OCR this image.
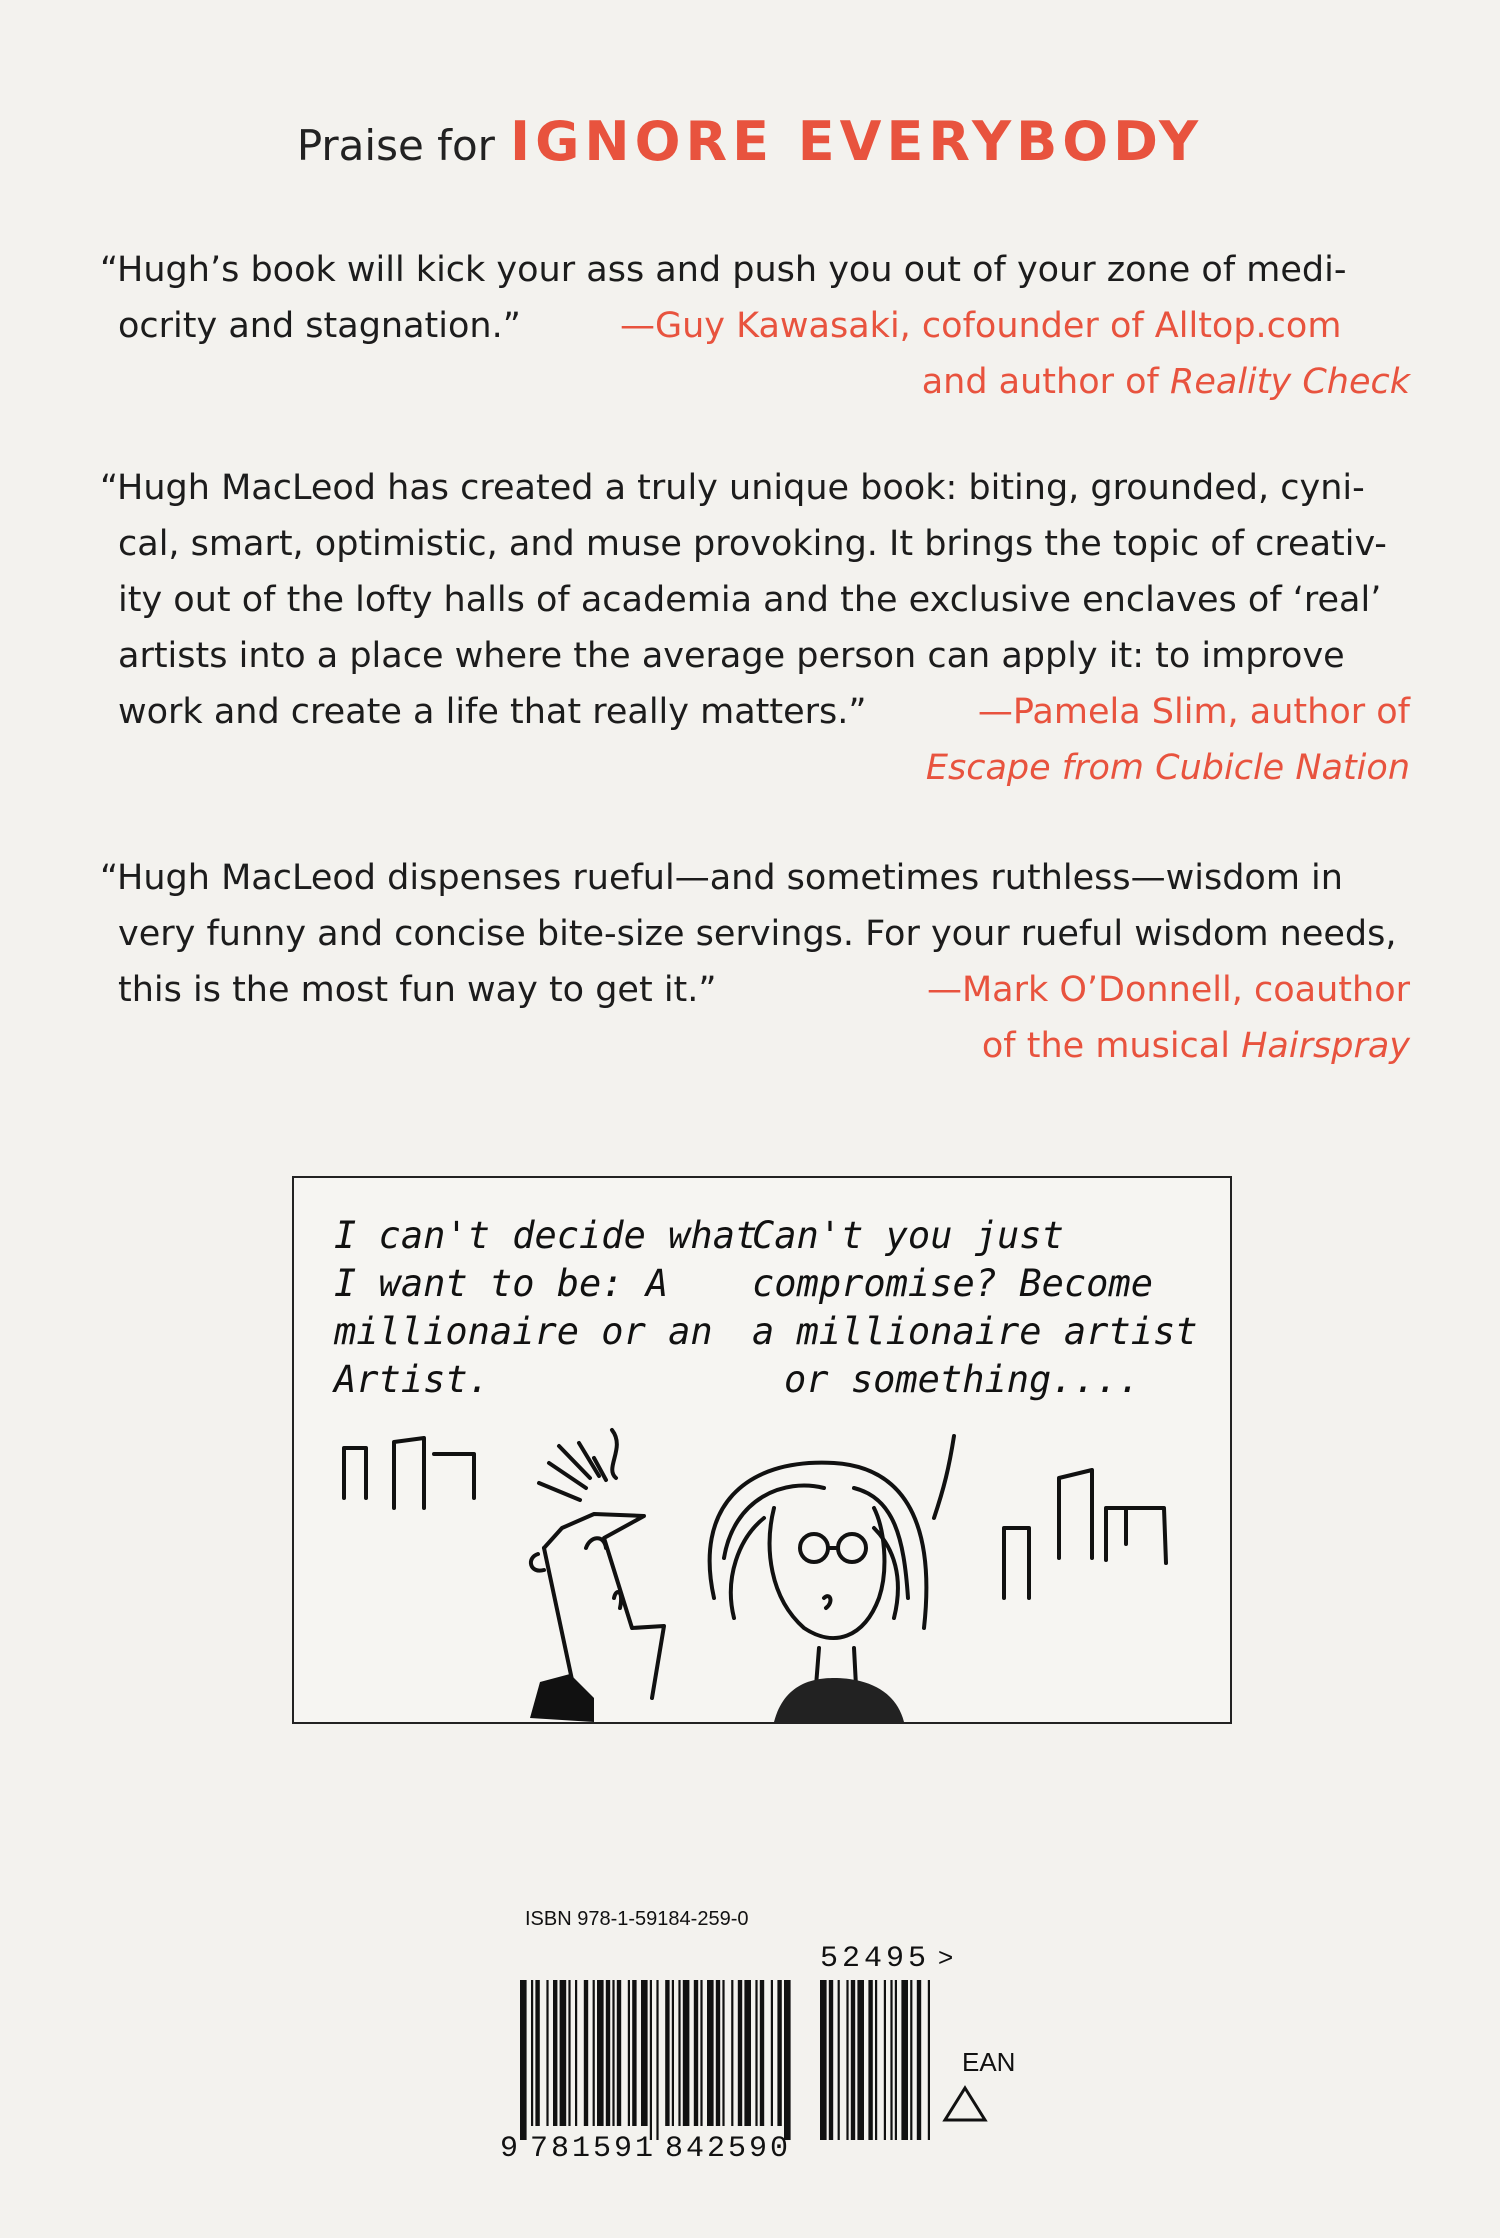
Praise for IGNORE EVERYBODY

“Hugh’s book will kick your ass and push you out of your zone of medi-ocrity and stagnation.”	—Guy Kawasaki, cofounder of Alltop.com
and author of Reality Check

“Hugh MacLeod has created a truly unique book: biting, grounded, cyni-cal, smart, optimistic, and muse provoking. It brings the topic of creativ-ity out of the lofty halls of academia and the exclusive enclaves of ‘real’ artists into a place where the average person can apply it: to improve work and create a life that really matters.”	—Pamela Slim, author of
Escape from Cubicle Nation

“Hugh MacLeod dispenses rueful—and sometimes ruthless—wisdom in very funny and concise bite-size servings. For your rueful wisdom needs, this is the most fun way to get it.”	—Mark O’Donnell, coauthor
of the musical Hairspray
I can't decide what
I want to be: A
millionaire or an
Artist.
Can't you just
compromise? Become
a millionaire artist
or something....
ISBN 978-1-59184-259-0
9 781591 842590
52495 >
EAN
